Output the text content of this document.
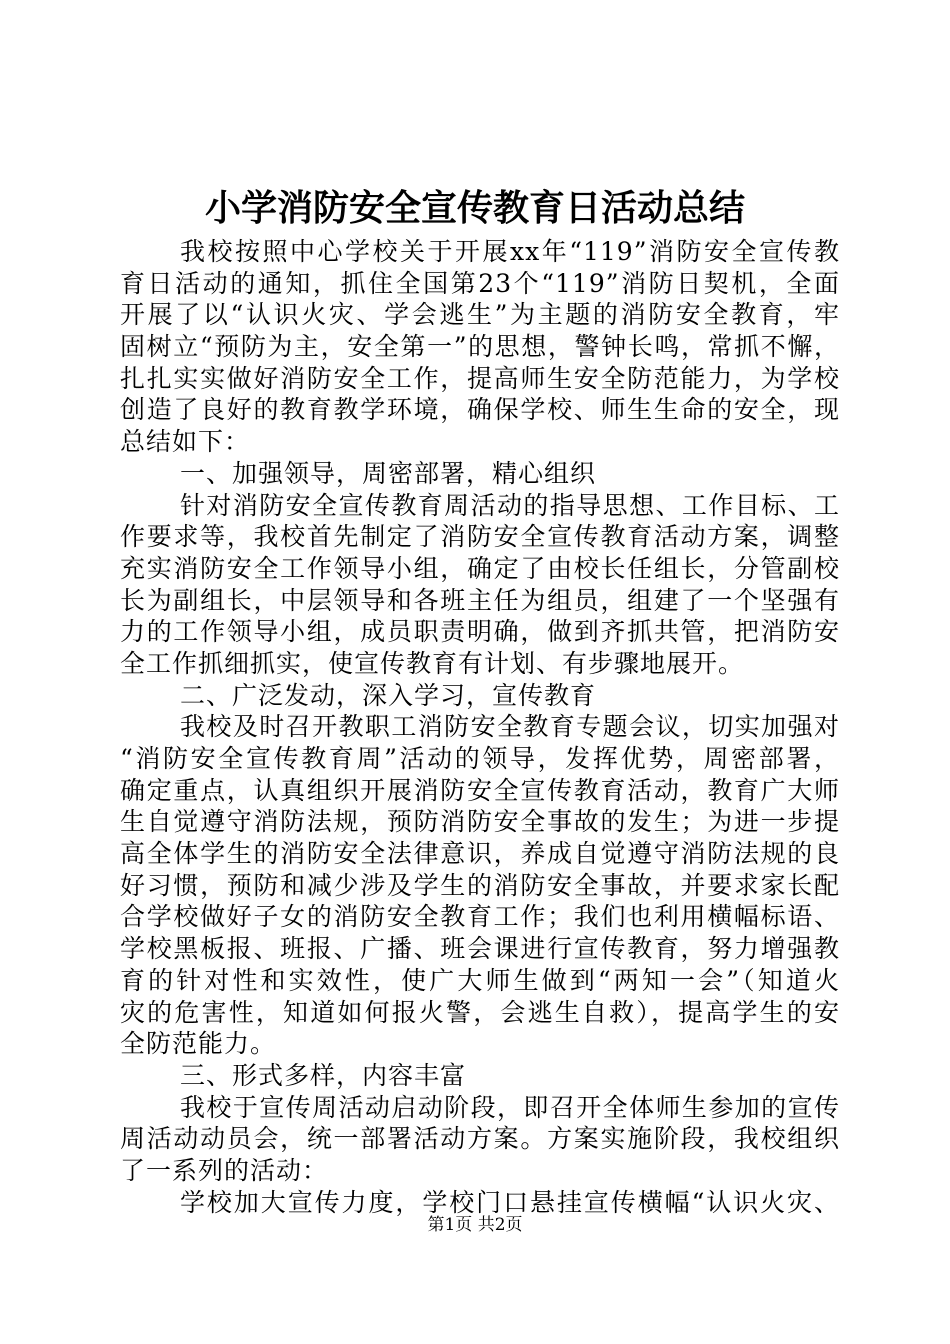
小学消防安全宣传教育日活动总结
我校按照中心学校关于开展xx年“119”消防安全宣传教
育日活动的通知，抓住全国第23个“119”消防日契机，全面
开展了以“认识火灾、学会逃生”为主题的消防安全教育，牢
固树立“预防为主，安全第一”的思想，警钟长鸣，常抓不懈，
扎扎实实做好消防安全工作，提高师生安全防范能力，为学校
创造了良好的教育教学环境，确保学校、师生生命的安全，现
总结如下：
一、加强领导，周密部署，精心组织
针对消防安全宣传教育周活动的指导思想、工作目标、工
作要求等，我校首先制定了消防安全宣传教育活动方案，调整
充实消防安全工作领导小组，确定了由校长任组长，分管副校
长为副组长，中层领导和各班主任为组员，组建了一个坚强有
力的工作领导小组，成员职责明确，做到齐抓共管，把消防安
全工作抓细抓实，使宣传教育有计划、有步骤地展开。
二、广泛发动，深入学习，宣传教育
我校及时召开教职工消防安全教育专题会议，切实加强对
“消防安全宣传教育周”活动的领导，发挥优势，周密部署，
确定重点，认真组织开展消防安全宣传教育活动，教育广大师
生自觉遵守消防法规，预防消防安全事故的发生；为进一步提
高全体学生的消防安全法律意识，养成自觉遵守消防法规的良
好习惯，预防和减少涉及学生的消防安全事故，并要求家长配
合学校做好子女的消防安全教育工作；我们也利用横幅标语、
学校黑板报、班报、广播、班会课进行宣传教育，努力增强教
育的针对性和实效性，使广大师生做到“两知一会”（知道火
灾的危害性，知道如何报火警，会逃生自救），提高学生的安
全防范能力。
三、形式多样，内容丰富
我校于宣传周活动启动阶段，即召开全体师生参加的宣传
周活动动员会，统一部署活动方案。方案实施阶段，我校组织
了一系列的活动：
学校加大宣传力度，学校门口悬挂宣传横幅“认识火灾、
第1页 共2页
